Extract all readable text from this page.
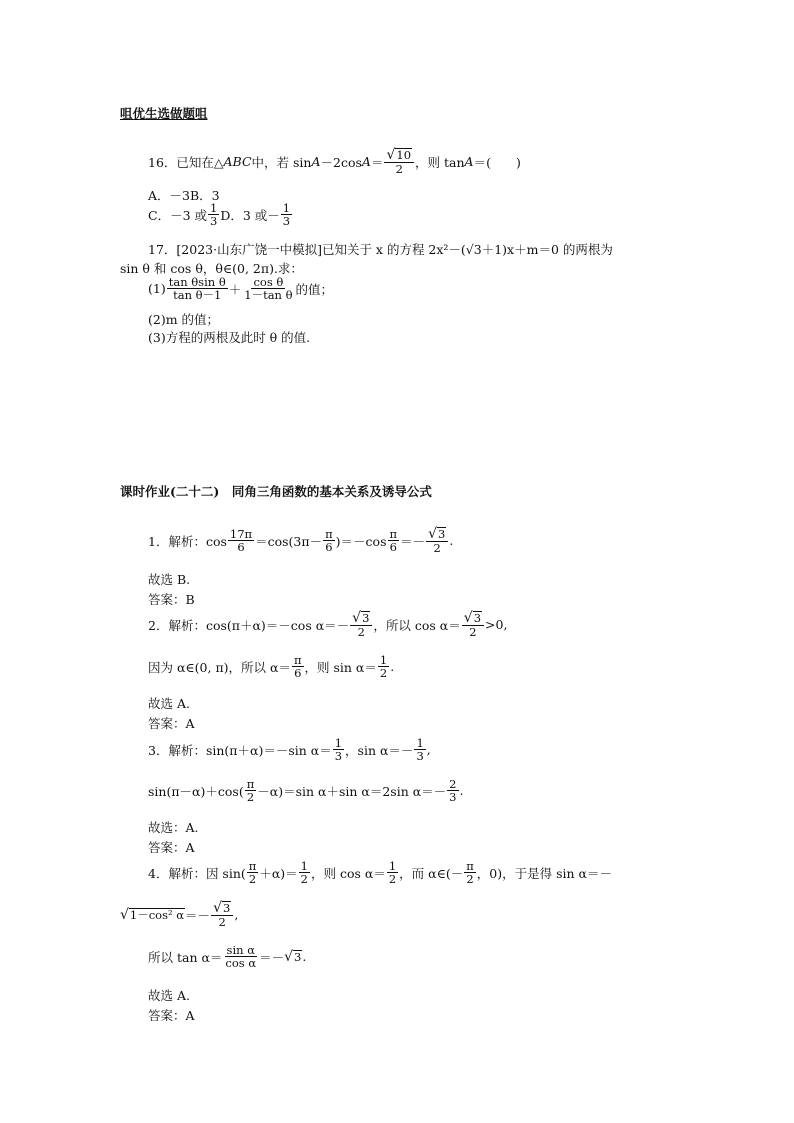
咀优生选做题咀
16．已知在△ ABC 中，若 sin A －2cos $A = \frac{√ 10}{2}$ ，则 tan A ＝(　　)
A．－3B．3
C．－3 或 $\frac{1}{3}$ D．3 或－ $\frac{1}{3}$
17．[2023·山东广饶一中模拟]已知关于 x 的方程 2x²－(√3＋1)x＋m＝0 的两根为
sin θ 和 cos θ，θ∈(0, 2π).求：
$(1) \frac{\text{tan θsin θ}}{\text{tan θ－1}} + \frac{\text{cos θ}}{\text{1－tan θ}}$ 的值；
(2)m 的值；
(3)方程的两根及此时 θ 的值.
课时作业(二十二)　同角三角函数的基本关系及诱导公式
1．解析：$\cos \frac{17\pi}{6} =\cos(3\pi- \frac{\pi}{6} )=-\cos \frac{\pi}{6} =- \frac{√ 3}{2}$ .
故选 B.
答案：B
2．解析：cos(π＋α)＝－cos $\alpha=- \frac{√ 3}{2}$ ，所以 $\cos \alpha= \frac{√ 3}{2} >0$,
因为 α∈(0, π)，所以 $\alpha= \frac{\pi}{6}$ ，则 $\sin \alpha= \frac{1}{2}$ .
故选 A.
答案：A
3．解析：sin(π＋α)＝－sin $\alpha= \frac{1}{3}$ ，$\sin \alpha=- \frac{1}{3}$ ,
$\sin(\pi-\alpha)+\cos( \frac{\pi}{2} -\alpha)=\sin$ α＋sin α＝2sin $\alpha=- \frac{2}{3}$ .
故选：A.
答案：A
4．解析：因 $\sin( \frac{\pi}{2} +\alpha)= \frac{1}{2}$ ，则 $\cos \alpha= \frac{1}{2}$ ，而 α∈(－ $\frac{\pi}{2}$ ，0)，于是得 sin α＝－
√ 1－cos² $\alpha =- \frac{√ 3}{2}$ ,
所以 $\tan \alpha= \frac{\text{sin α}}{\text{cos α}}$ ＝－ √ 3 .
故选 A.
答案：A
